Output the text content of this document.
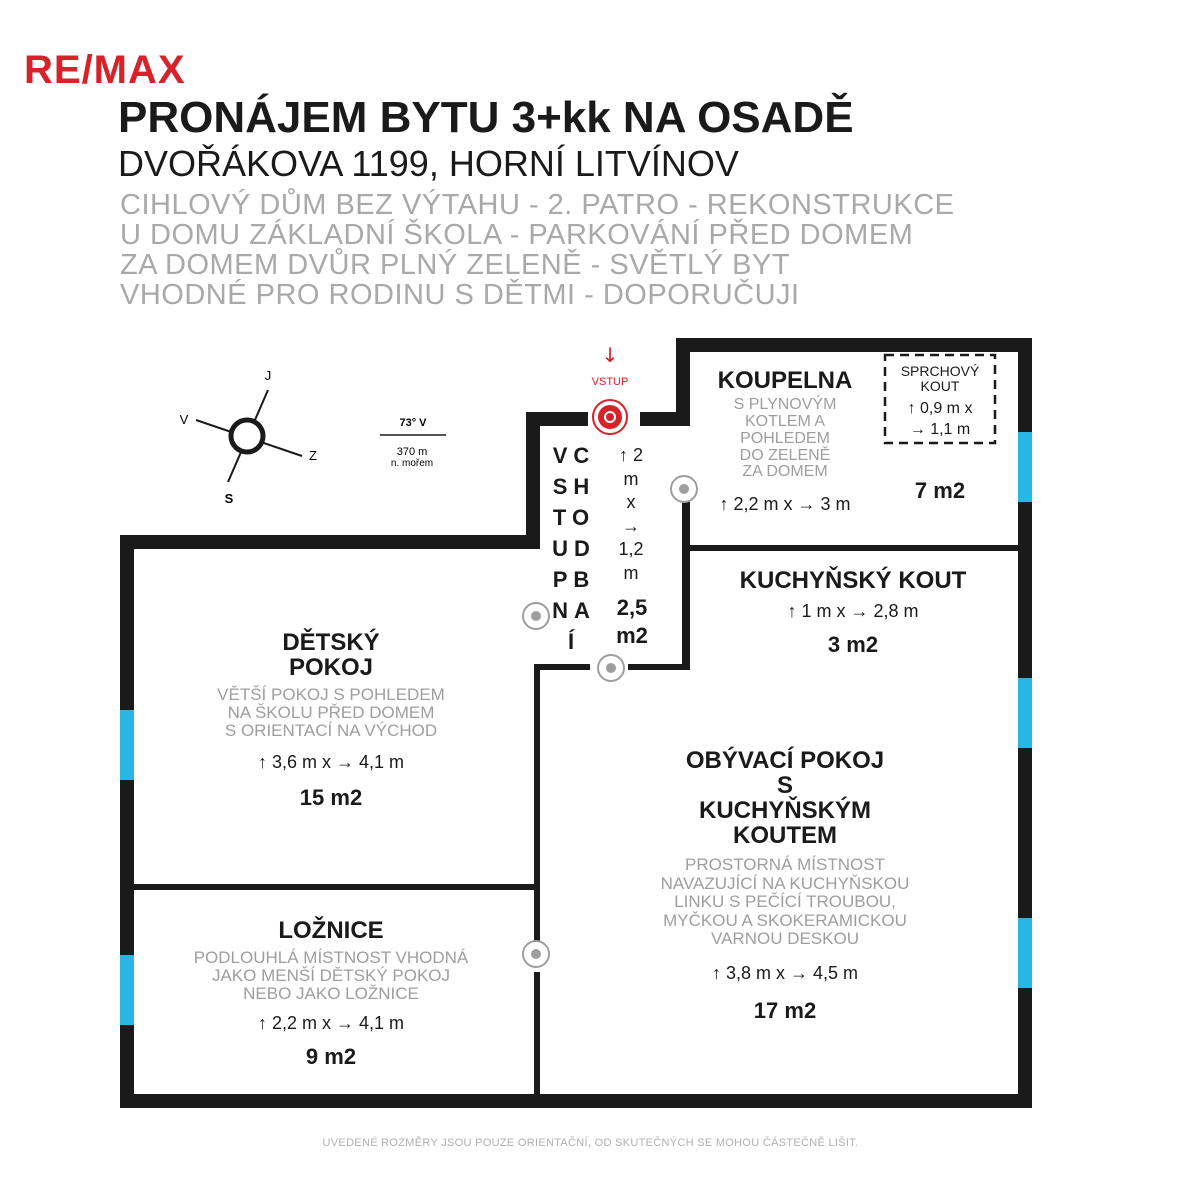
RE/MAX
PRONÁJEM BYTU 3+kk NA OSADĚ
DVOŘÁKOVA 1199, HORNÍ LITVÍNOV
CIHLOVÝ DŮM BEZ VÝTAHU - 2. PATRO - REKONSTRUKCE
U DOMU ZÁKLADNÍ ŠKOLA - PARKOVÁNÍ PŘED DOMEM
ZA DOMEM DVŮR PLNÝ ZELENĚ - SVĚTLÝ BYT
VHODNÉ PRO RODINU S DĚTMI - DOPORUČUJI
J
V
Z
S
73° V
370 m
n. mořem
↓
VSTUP	KOUPELNA
S PLYNOVÝM
KOTLEM A
POHLEDEM
DO ZELENĚ
ZA DOMEM
↑ 2,2 m x → 3 m
7 m2
SPRCHOVÝ
KOUT
↑ 0,9 m x
→ 1,1 m
VC
SH
TO
UD
PB
NA
Í
↑ 2
m
x
→
1,2
m
2,5
m2
KUCHYŇSKÝ KOUT
↑ 1 m x → 2,8 m
3 m2
DĚTSKÝ
POKOJ
VĚTŠÍ POKOJ S POHLEDEM
NA ŠKOLU PŘED DOMEM
S ORIENTACÍ NA VÝCHOD
↑ 3,6 m x → 4,1 m
15 m2
OBÝVACÍ POKOJ
S
KUCHYŇSKÝM
KOUTEM
PROSTORNÁ MÍSTNOST
NAVAZUJÍCÍ NA KUCHYŇSKOU
LINKU S PEČÍCÍ TROUBOU,
MYČKOU A SKOKERAMICKOU
VARNOU DESKOU
↑ 3,8 m x → 4,5 m
17 m2
LOŽNICE
PODLOUHLÁ MÍSTNOST VHODNÁ
JAKO MENŠÍ DĚTSKÝ POKOJ
NEBO JAKO LOŽNICE
↑ 2,2 m x → 4,1 m
9 m2
UVEDENÉ ROZMĚRY JSOU POUZE ORIENTAČNÍ, OD SKUTEČNÝCH SE MOHOU ČÁSTEČNĚ LIŠIT.
